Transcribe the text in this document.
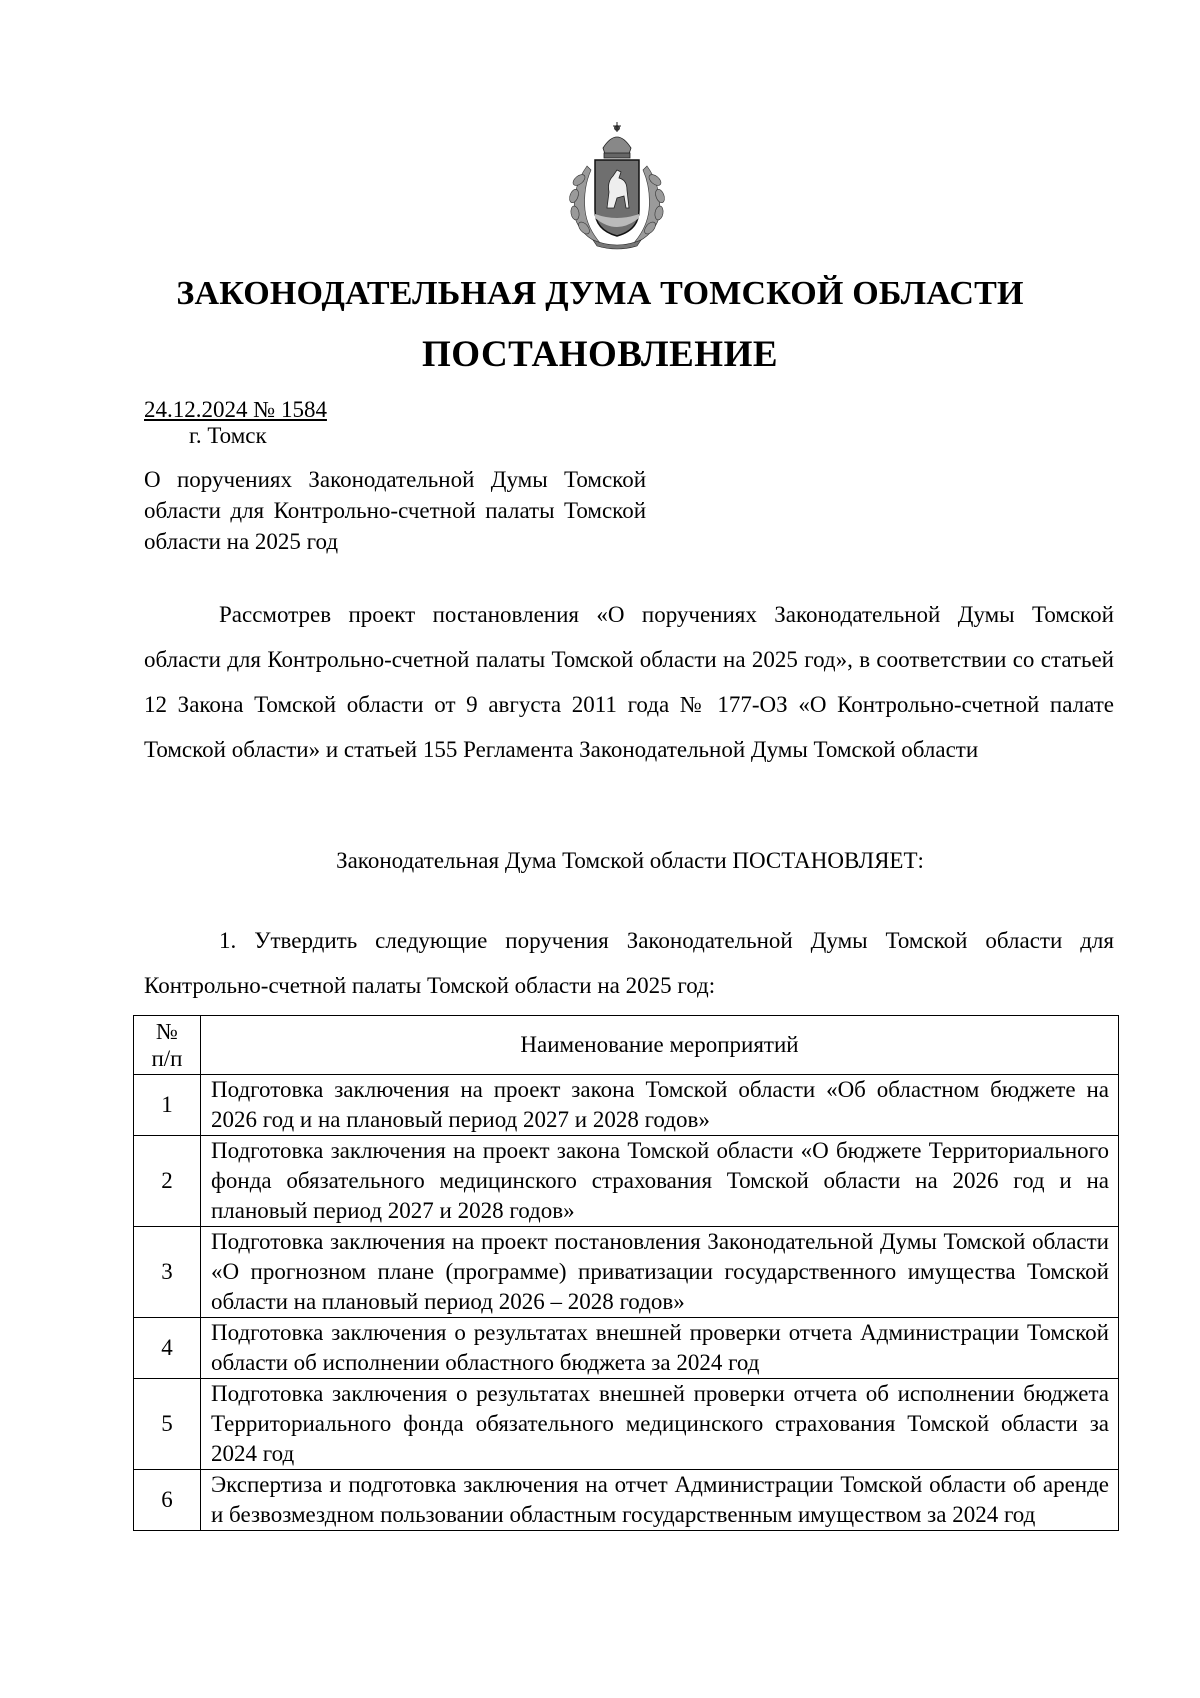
ЗАКОНОДАТЕЛЬНАЯ ДУМА ТОМСКОЙ ОБЛАСТИ
ПОСТАНОВЛЕНИЕ
24.12.2024 № 1584
г. Томск
О поручениях Законодательной Думы Томской области для Контрольно-счетной палаты Томской области на 2025 год
Рассмотрев проект постановления «О поручениях Законодательной Думы Томской области для Контрольно-счетной палаты Томской области на 2025 год», в соответствии со статьей 12 Закона Томской области от 9 августа 2011 года № 177-ОЗ «О Контрольно-счетной палате Томской области» и статьей 155 Регламента Законодательной Думы Томской области
Законодательная Дума Томской области ПОСТАНОВЛЯЕТ:
1. Утвердить следующие поручения Законодательной Думы Томской области для Контрольно-счетной палаты Томской области на 2025 год:
№
п/п	Наименование мероприятий
1	Подготовка заключения на проект закона Томской области «Об областном бюджете на 2026 год и на плановый период 2027 и 2028 годов»
2	Подготовка заключения на проект закона Томской области «О бюджете Территориального фонда обязательного медицинского страхования Томской области на 2026 год и на плановый период 2027 и 2028 годов»
3	Подготовка заключения на проект постановления Законодательной Думы Томской области «О прогнозном плане (программе) приватизации государственного имущества Томской области на плановый период 2026 – 2028 годов»
4	Подготовка заключения о результатах внешней проверки отчета Администрации Томской области об исполнении областного бюджета за 2024 год
5	Подготовка заключения о результатах внешней проверки отчета об исполнении бюджета Территориального фонда обязательного медицинского страхования Томской области за 2024 год
6	Экспертиза и подготовка заключения на отчет Администрации Томской области об аренде и безвозмездном пользовании областным государственным имуществом за 2024 год
